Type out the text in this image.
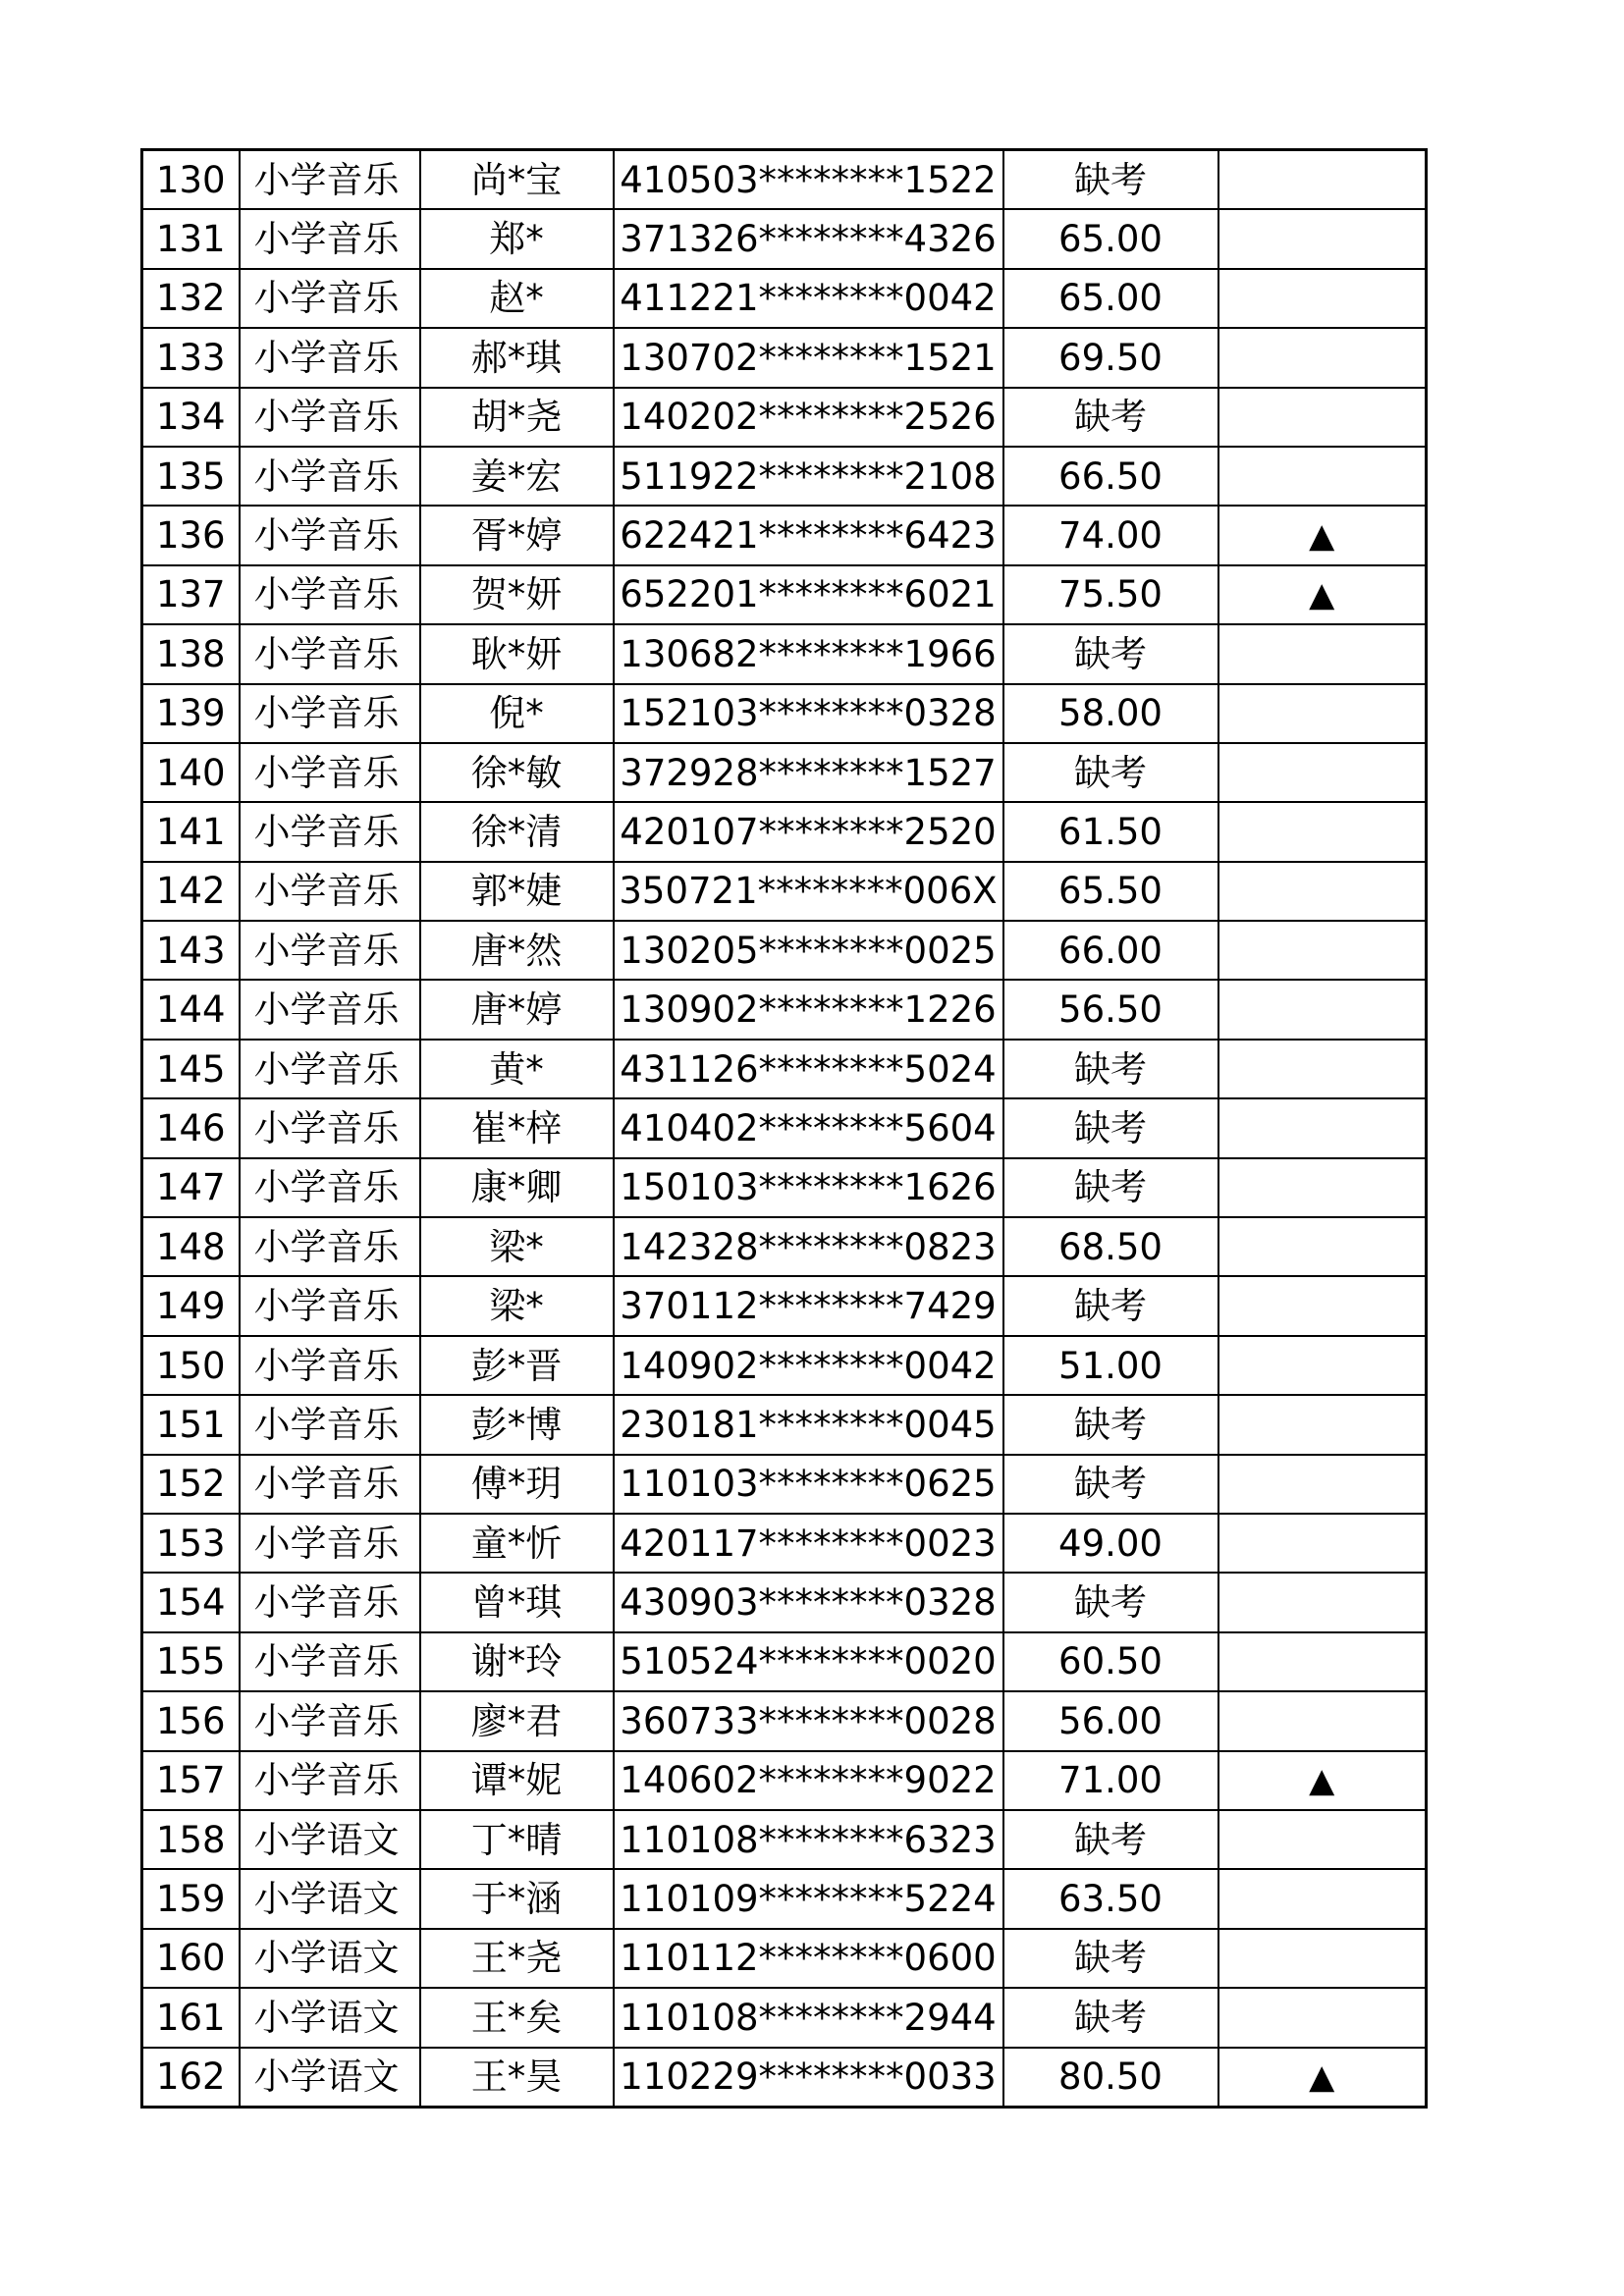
130	小学音乐	尚*宝	410503********1522	缺考	
131	小学音乐	郑*	371326********4326	65.00	
132	小学音乐	赵*	411221********0042	65.00	
133	小学音乐	郝*琪	130702********1521	69.50	
134	小学音乐	胡*尧	140202********2526	缺考	
135	小学音乐	姜*宏	511922********2108	66.50	
136	小学音乐	胥*婷	622421********6423	74.00	▲
137	小学音乐	贺*妍	652201********6021	75.50	▲
138	小学音乐	耿*妍	130682********1966	缺考	
139	小学音乐	倪*	152103********0328	58.00	
140	小学音乐	徐*敏	372928********1527	缺考	
141	小学音乐	徐*清	420107********2520	61.50	
142	小学音乐	郭*婕	350721********006X	65.50	
143	小学音乐	唐*然	130205********0025	66.00	
144	小学音乐	唐*婷	130902********1226	56.50	
145	小学音乐	黄*	431126********5024	缺考	
146	小学音乐	崔*梓	410402********5604	缺考	
147	小学音乐	康*卿	150103********1626	缺考	
148	小学音乐	梁*	142328********0823	68.50	
149	小学音乐	梁*	370112********7429	缺考	
150	小学音乐	彭*晋	140902********0042	51.00	
151	小学音乐	彭*博	230181********0045	缺考	
152	小学音乐	傅*玥	110103********0625	缺考	
153	小学音乐	童*忻	420117********0023	49.00	
154	小学音乐	曾*琪	430903********0328	缺考	
155	小学音乐	谢*玲	510524********0020	60.50	
156	小学音乐	廖*君	360733********0028	56.00	
157	小学音乐	谭*妮	140602********9022	71.00	▲
158	小学语文	丁*晴	110108********6323	缺考	
159	小学语文	于*涵	110109********5224	63.50	
160	小学语文	王*尧	110112********0600	缺考	
161	小学语文	王*矣	110108********2944	缺考	
162	小学语文	王*昊	110229********0033	80.50	▲
